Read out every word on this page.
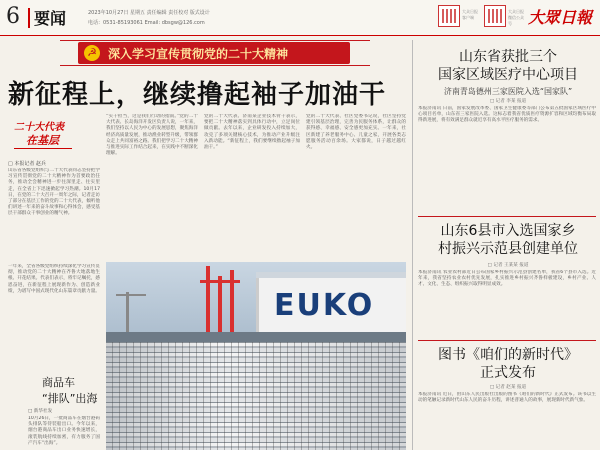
6 要闻	2023年10月27日 星期五 责任编辑 责任校对 版式设计
电话：0531-85193061 Email: dbsgw@126.com
大众日报客户端
大众日报微信公众号	大眾日報
☭ 深入学习宣传贯彻党的二十大精神
新征程上，继续撸起袖子加油干
二十大代表
在基层
□ 本报记者 赵兵
山东省各级党组织与二十大代表同志坚持把学习宣传贯彻党的二十大精神作为首要政治任务，推动全会精神进一步往深里走、往实里走，在全省上下迅速掀起学习热潮。10月17日，在党的二十大召开一周年之际，记者走访了部分在基层工作的党的二十大代表，倾听他们讲述一年来的奋斗故事和心得体会，感受基层干部群众干事创业的精气神。
“实干担当，这是我们行动的指南。”党的二十大代表、长岛海洋开发区负责人说，一年来，我们坚持以人民为中心的发展思想，聚焦海洋经济高质量发展，推动渔业转型升级，带领群众走上共同富裕之路。我们把学习二十大精神与推进实际工作结合起来，在实践中不断深化理解。
党的二十大代表、济南某企业技术骨干表示，要把二十大精神落实到具体行动中，立足岗位做贡献。去年以来，企业研发投入持续加大，攻克了多项关键核心技术，为推动产业升级注入新动能。“新征程上，我们要继续撸起袖子加油干。”
党的二十大代表、社区党委书记说，社区坚持党建引领基层治理，完善为民服务体系，让群众的获得感、幸福感、安全感更加充实。一年来，社区新建了养老服务中心、儿童之家，开展各类志愿服务活动百余场。大家都说，日子越过越红火。
一年来，全省各级党组织持续深化学习宣传贯彻，推动党的二十大精神在齐鲁大地落地生根、开花结果。代表们表示，将牢记嘱托，感恩奋进，在新征程上展现新作为、创造新业绩，为谱写中国式现代化山东篇章贡献力量。	EUKO
商品车
“排队”出海
□ 新华社发
10月26日，一批商品车在烟台港码头排队等待装船出口。今年以来，烟台港商品车出口业务快速增长，滚装航线持续加密，有力服务了国产汽车“出海”。
山东省获批三个
国家区域医疗中心项目
济南青岛德州三家医院入选“国家队”
□ 记者 李某 报道
本报济南讯 日前，国家发展改革委、国家卫生健康委等部门公布第五批国家区域医疗中心项目名单，山东省三家医院入选。这标志着我省优质医疗资源扩容和区域均衡布局取得新进展，将有效满足群众就近享有高水平医疗服务的需求。
山东6县市入选国家乡
村振兴示范县创建单位
□ 记者 王某某 报道
本报济南讯 农业农村部近日公布国家乡村振兴示范县创建名单，我省6个县市入选。近年来，我省坚持农业农村优先发展，扎实推进乡村振兴齐鲁样板建设，乡村产业、人才、文化、生态、组织振兴取得明显成效。
图书《咱们的新时代》
正式发布
□ 记者 赵某 报道
本报济南讯 近日，由山东人民出版社出版的图书《咱们的新时代》正式发布。该书以生动的笔触记录新时代山东人民的奋斗历程，讲述普通人的故事，展现新时代新气象。
